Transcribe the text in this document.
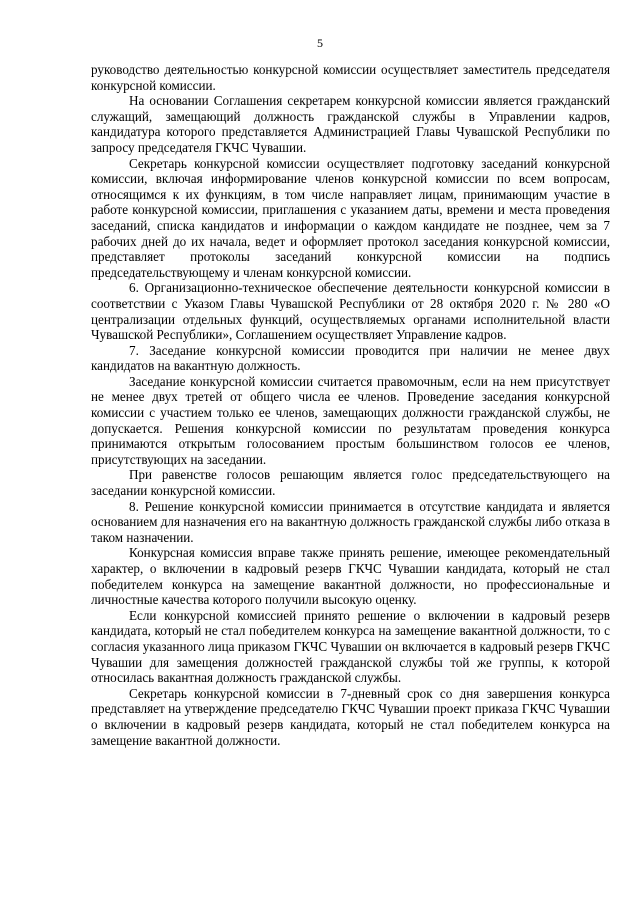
5

руководство деятельностью конкурсной комиссии осуществляет заместитель председателя конкурсной комиссии.

На основании Соглашения секретарем конкурсной комиссии является гражданский служащий, замещающий должность гражданской службы в Управлении кадров, кандидатура которого представляется Администрацией Главы Чувашской Республики по запросу председателя ГКЧС Чувашии.

Секретарь конкурсной комиссии осуществляет подготовку заседаний конкурсной комиссии, включая информирование членов конкурсной комиссии по всем вопросам, относящимся к их функциям, в том числе направляет лицам, принимающим участие в работе конкурсной комиссии, приглашения с указанием даты, времени и места проведения заседаний, списка кандидатов и информации о каждом кандидате не позднее, чем за 7 рабочих дней до их начала, ведет и оформляет протокол заседания конкурсной комиссии, представляет протоколы заседаний конкурсной комиссии на подпись председательствующему и членам конкурсной комиссии.

6. Организационно-техническое обеспечение деятельности конкурсной комиссии в соответствии с Указом Главы Чувашской Республики от 28 октября 2020 г. № 280 «О централизации отдельных функций, осуществляемых органами исполнительной власти Чувашской Республики», Соглашением осуществляет Управление кадров.

7. Заседание конкурсной комиссии проводится при наличии не менее двух кандидатов на вакантную должность.

Заседание конкурсной комиссии считается правомочным, если на нем присутствует не менее двух третей от общего числа ее членов. Проведение заседания конкурсной комиссии с участием только ее членов, замещающих должности гражданской службы, не допускается. Решения конкурсной комиссии по результатам проведения конкурса принимаются открытым голосованием простым большинством голосов ее членов, присутствующих на заседании.

При равенстве голосов решающим является голос председательствующего на заседании конкурсной комиссии.

8. Решение конкурсной комиссии принимается в отсутствие кандидата и является основанием для назначения его на вакантную должность гражданской службы либо отказа в таком назначении.

Конкурсная комиссия вправе также принять решение, имеющее рекомендательный характер, о включении в кадровый резерв ГКЧС Чувашии кандидата, который не стал победителем конкурса на замещение вакантной должности, но профессиональные и личностные качества которого получили высокую оценку.

Если конкурсной комиссией принято решение о включении в кадровый резерв кандидата, который не стал победителем конкурса на замещение вакантной должности, то с согласия указанного лица приказом ГКЧС Чувашии он включается в кадровый резерв ГКЧС Чувашии для замещения должностей гражданской службы той же группы, к которой относилась вакантная должность гражданской службы.

Секретарь конкурсной комиссии в 7-дневный срок со дня завершения конкурса представляет на утверждение председателю ГКЧС Чувашии проект приказа ГКЧС Чувашии о включении в кадровый резерв кандидата, который не стал победителем конкурса на замещение вакантной должности.
